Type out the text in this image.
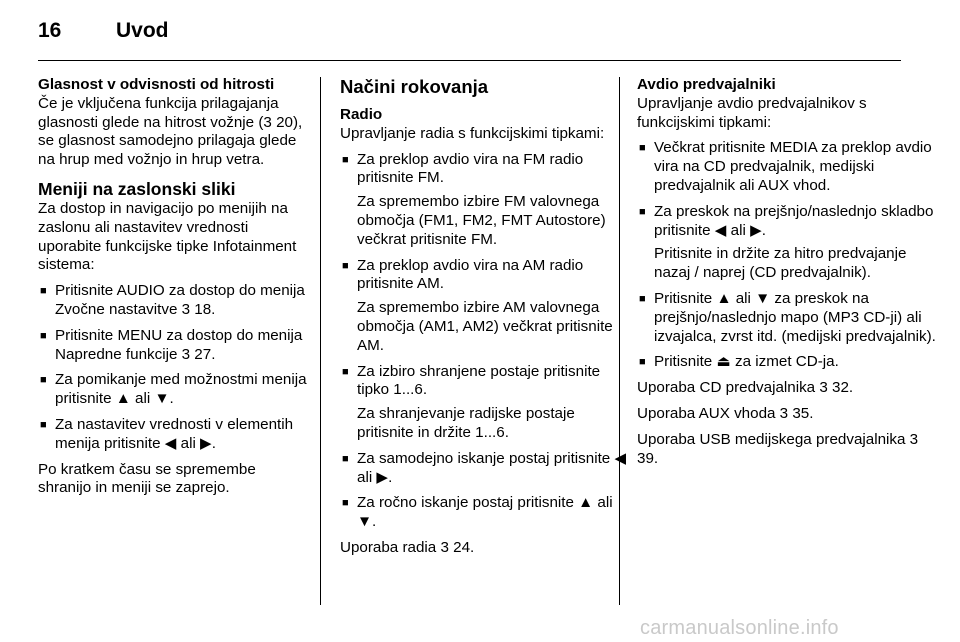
16	Uvod
Glasnost v odvisnosti od hitrosti

Če je vključena funkcija prilagajanja glasnosti glede na hitrost vožnje (3 20), se glasnost samodejno prilagaja glede na hrup med vožnjo in hrup vetra.

Meniji na zaslonski sliki

Za dostop in navigacijo po menijih na zaslonu ali nastavitev vrednosti uporabite funkcijske tipke Infotainment sistema:

■ Pritisnite AUDIO za dostop do menija Zvočne nastavitve 3 18.
■ Pritisnite MENU za dostop do menija Napredne funkcije 3 27.
■ Za pomikanje med možnostmi menija pritisnite ▲ ali ▼.
■ Za nastavitev vrednosti v elementih menija pritisnite ◀ ali ▶.

Po kratkem času se spremembe shranijo in meniji se zaprejo.

Načini rokovanja
Radio

Upravljanje radia s funkcijskimi tipkami:

■ Za preklop avdio vira na FM radio pritisnite FM.
Za spremembo izbire FM valovnega območja (FM1, FM2, FMT Autostore) večkrat pritisnite FM.
■ Za preklop avdio vira na AM radio pritisnite AM.
Za spremembo izbire AM valovnega območja (AM1, AM2) večkrat pritisnite AM.
■ Za izbiro shranjene postaje pritisnite tipko 1...6.
Za shranjevanje radijske postaje pritisnite in držite 1...6.
■ Za samodejno iskanje postaj pritisnite ◀ ali ▶.
■ Za ročno iskanje postaj pritisnite ▲ ali ▼.

Uporaba radia 3 24.

Avdio predvajalniki

Upravljanje avdio predvajalnikov s funkcijskimi tipkami:

■ Večkrat pritisnite MEDIA za preklop avdio vira na CD predvajalnik, medijski predvajalnik ali AUX vhod.
■ Za preskok na prejšnjo/naslednjo skladbo pritisnite ◀ ali ▶.
Pritisnite in držite za hitro predvajanje nazaj / naprej (CD predvajalnik).
■ Pritisnite ▲ ali ▼ za preskok na prejšnjo/naslednjo mapo (MP3 CD-ji) ali izvajalca, zvrst itd. (medijski predvajalnik).
■ Pritisnite ⏏ za izmet CD-ja.

Uporaba CD predvajalnika 3 32.

Uporaba AUX vhoda 3 35.

Uporaba USB medijskega predvajalnika 3 39.

carmanualsonline.info
